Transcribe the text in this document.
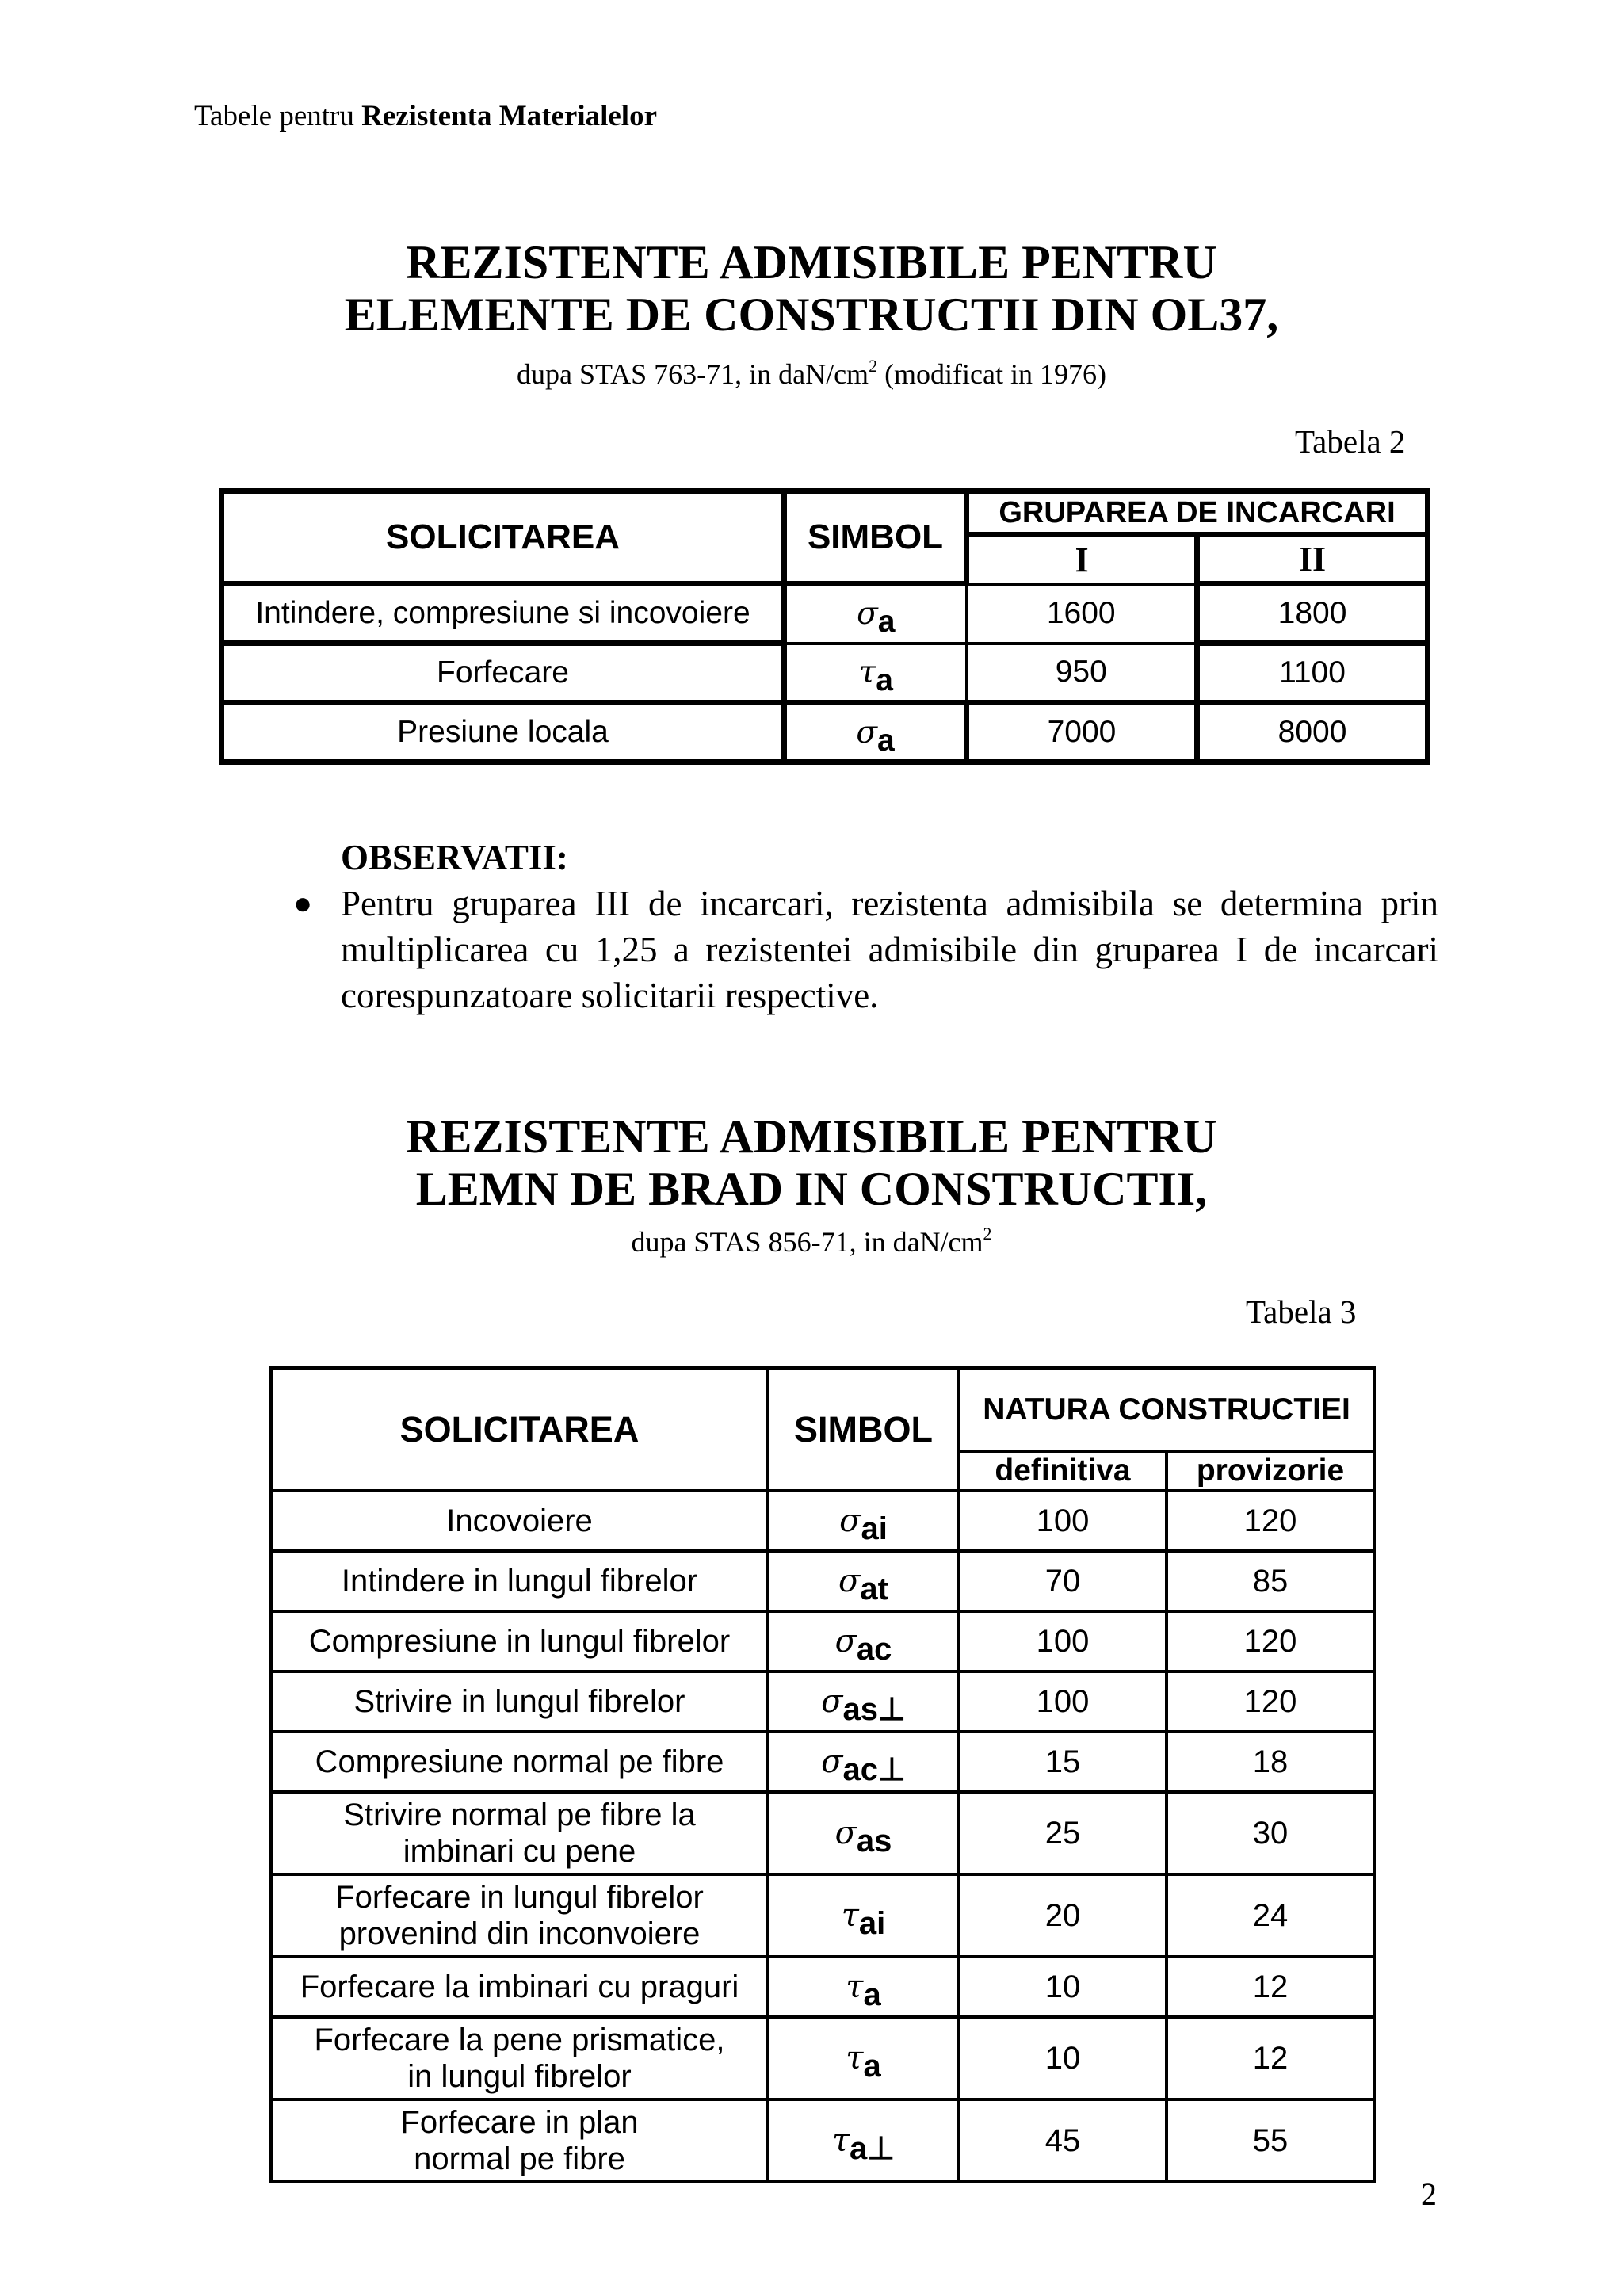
Tabele pentru Rezistenta Materialelor
REZISTENTE ADMISIBILE PENTRU
ELEMENTE DE CONSTRUCTII DIN OL37,
dupa STAS 763-71, in daN/$cm^2$ (modificat in 1976)
Tabela 2
SOLICITAREA	SIMBOL	GRUPAREA DE INCARCARI	
		I	II
Intindere, compresiune si incovoiere	σa	1600	1800
Forfecare	τa	950	1100
Presiune locala	σa	7000	8000
OBSERVATII:
● Pentru gruparea III de incarcari, rezistenta admisibila se determina prin multiplicarea cu 1,25 a rezistentei admisibile din gruparea I de incarcari corespunzatoare solicitarii respective.

REZISTENTE ADMISIBILE PENTRU
LEMN DE BRAD IN CONSTRUCTII,
dupa STAS 856-71, in daN/$cm^2$
Tabela 3
SOLICITAREA	SIMBOL	NATURA CONSTRUCTIEI	
		definitiva	provizorie
Incovoiere	σai	100	120
Intindere in lungul fibrelor	σat	70	85
Compresiune in lungul fibrelor	σac	100	120
Strivire in lungul fibrelor	σas⊥	100	120
Compresiune normal pe fibre	σac⊥	15	18

Strivire normal pe fibre la
imbinari cu pene	σas	25	30

Forfecare in lungul fibrelor
provenind din inconvoiere	τai	20	24
Forfecare la imbinari cu praguri	τa	10	12

Forfecare la pene prismatice,
in lungul fibrelor	τa	10	12

Forfecare in plan
normal pe fibre	τa⊥	45	55
2
